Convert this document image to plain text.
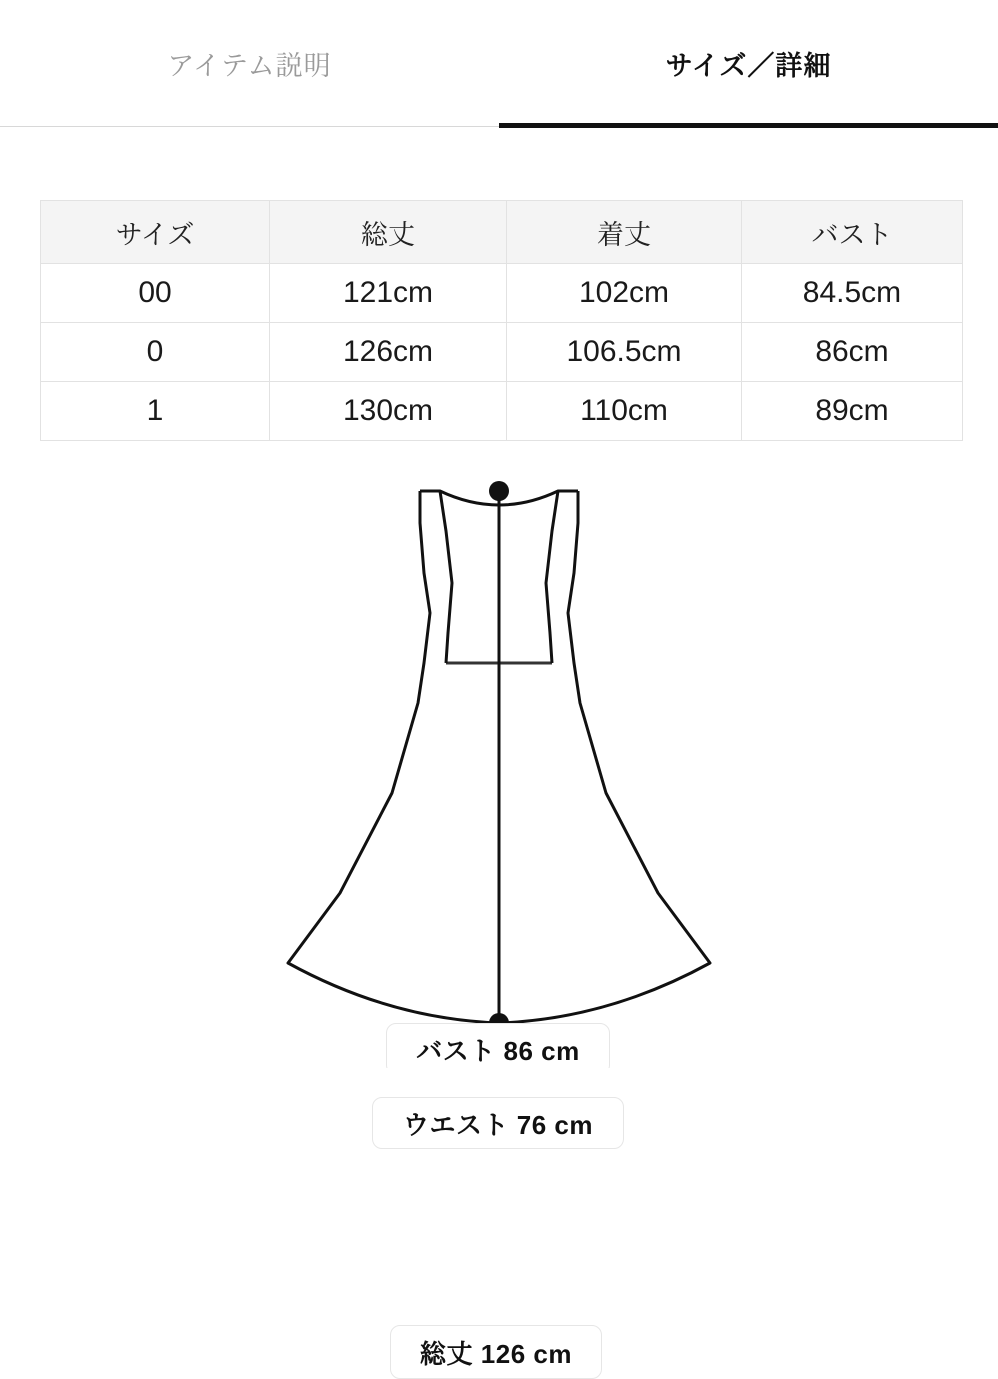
アイテム説明	サイズ／詳細
サイズ	総丈	着丈	バスト
00	121cm	102cm	84.5cm
0	126cm	106.5cm	86cm
1	130cm	110cm	89cm
バスト 86 cm
ウエスト 76 cm
総丈 126 cm
